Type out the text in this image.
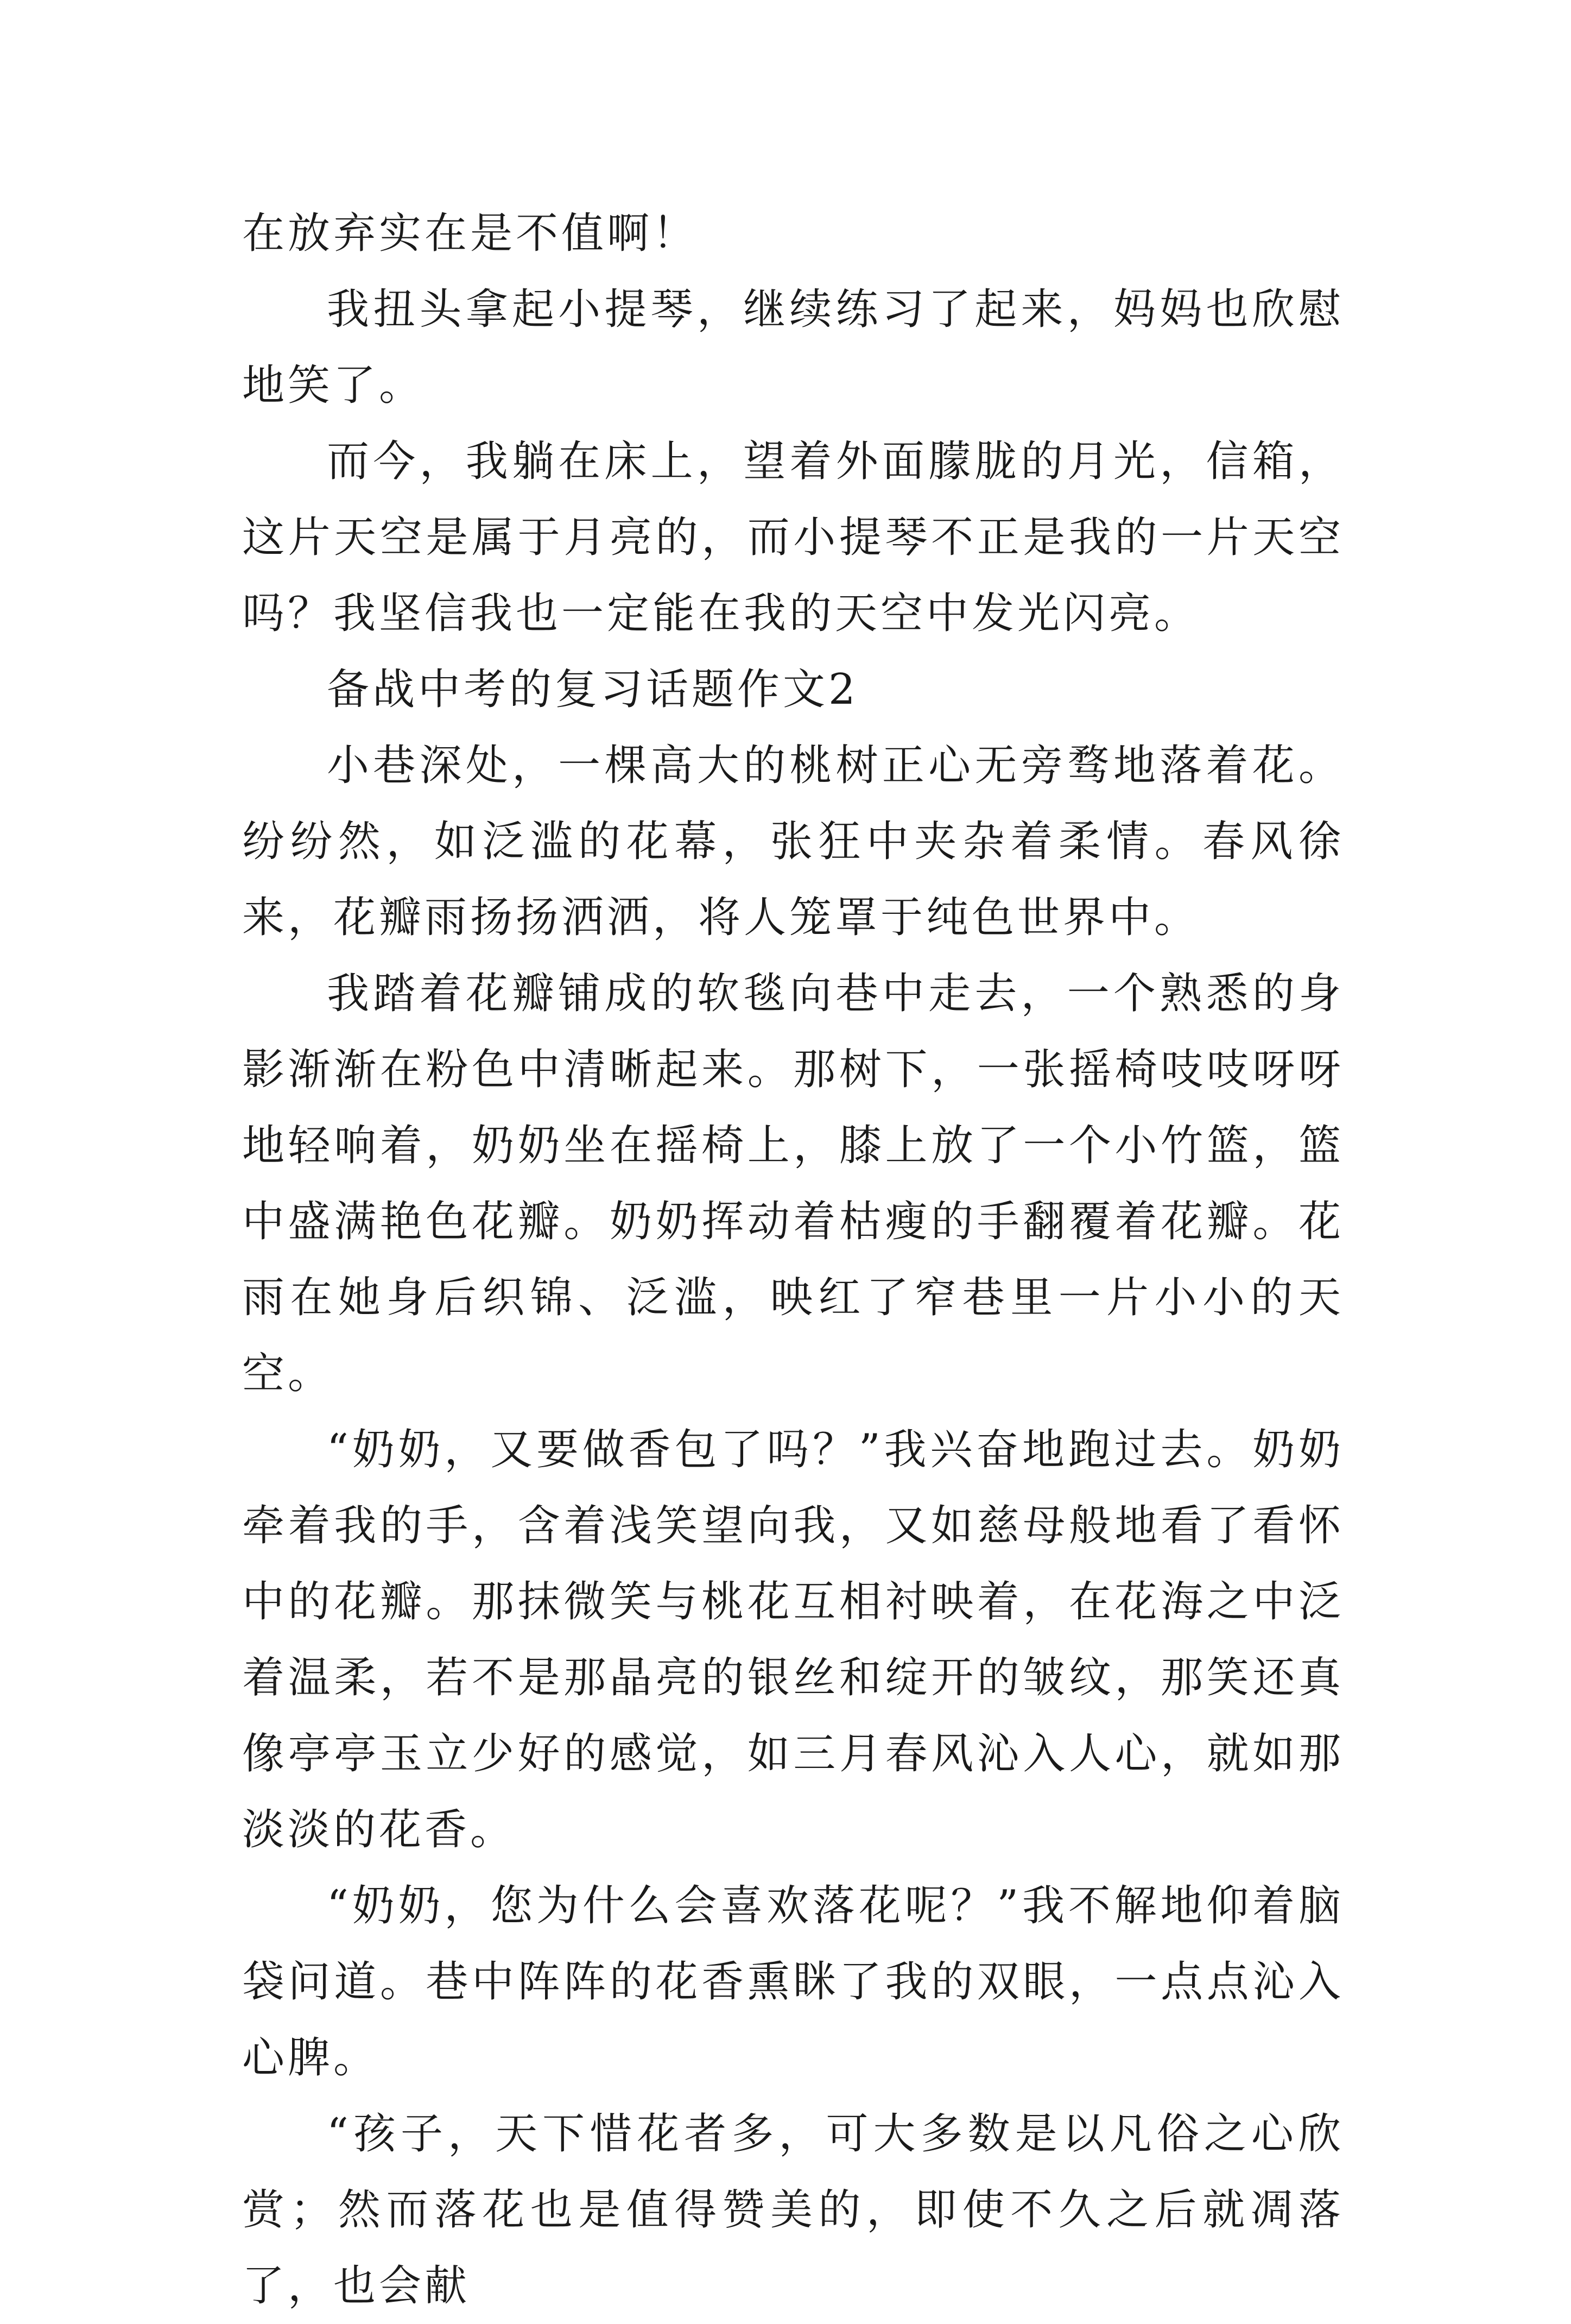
在放弃实在是不值啊！

我扭头拿起小提琴，继续练习了起来，妈妈也欣慰地笑了。

而今，我躺在床上，望着外面朦胧的月光，信箱，这片天空是属于月亮的，而小提琴不正是我的一片天空吗？我坚信我也一定能在我的天空中发光闪亮。

备战中考的复习话题作文2

小巷深处，一棵高大的桃树正心无旁骛地落着花。纷纷然，如泛滥的花幕，张狂中夹杂着柔情。春风徐来，花瓣雨扬扬洒洒，将人笼罩于纯色世界中。

我踏着花瓣铺成的软毯向巷中走去，一个熟悉的身影渐渐在粉色中清晰起来。那树下，一张摇椅吱吱呀呀地轻响着，奶奶坐在摇椅上，膝上放了一个小竹篮，篮中盛满艳色花瓣。奶奶挥动着枯瘦的手翻覆着花瓣。花雨在她身后织锦、泛滥，映红了窄巷里一片小小的天空。

“奶奶，又要做香包了吗？”我兴奋地跑过去。奶奶牵着我的手，含着浅笑望向我，又如慈母般地看了看怀中的花瓣。那抹微笑与桃花互相衬映着，在花海之中泛着温柔，若不是那晶亮的银丝和绽开的皱纹，那笑还真像亭亭玉立少好的感觉，如三月春风沁入人心，就如那淡淡的花香。

“奶奶，您为什么会喜欢落花呢？”我不解地仰着脑袋问道。巷中阵阵的花香熏眯了我的双眼，一点点沁入心脾。

“孩子，天下惜花者多，可大多数是以凡俗之心欣赏；然而落花也是值得赞美的，即使不久之后就凋落了，也会献
